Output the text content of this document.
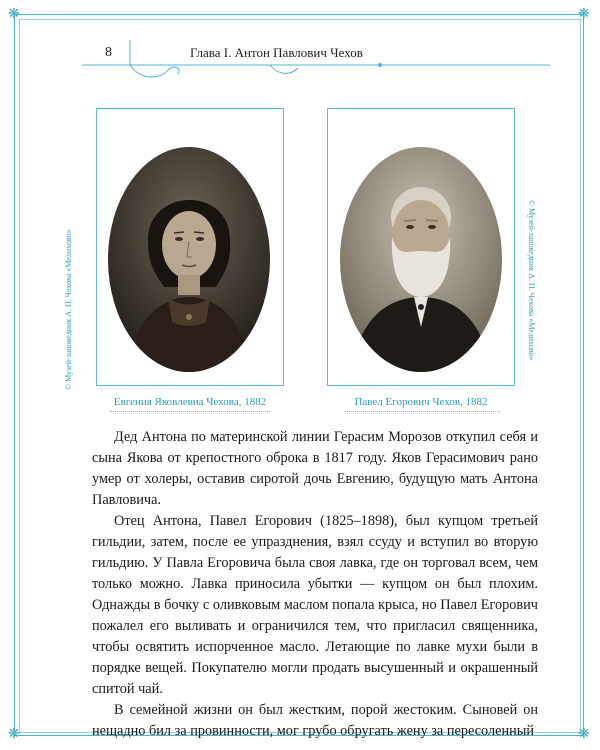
❋	❋
❋	❋
8	Глава I. Антон Павлович Чехов
© Музей-заповедник А. П. Чехова «Мелихово»	© Музей-заповедник А. П. Чехова «Мелихово»
Евгения Яковлевна Чехова, 1882	Павел Егорович Чехов, 1882

Дед Антона по материнской линии Герасим Морозов откупил себя и сына Якова от крепостного оброка в 1817 году. Яков Герасимович рано умер от холеры, оставив сиротой дочь Евгению, будущую мать Антона Павловича.

Отец Антона, Павел Егорович (1825–1898), был купцом третьей гильдии, затем, после ее упразднения, взял ссуду и вступил во вторую гильдию. У Павла Егоровича была своя лавка, где он торговал всем, чем только можно. Лавка приносила убытки — купцом он был плохим. Однажды в бочку с оливковым маслом попала крыса, но Павел Егорович пожалел его выливать и ограничился тем, что пригласил священника, чтобы освятить испорченное масло. Летающие по лавке мухи были в порядке вещей. Покупателю могли продать высушенный и окрашенный спитой чай.

В семейной жизни он был жестким, порой жестоким. Сыновей он нещадно бил за провинности, мог грубо обругать жену за пересоленный
